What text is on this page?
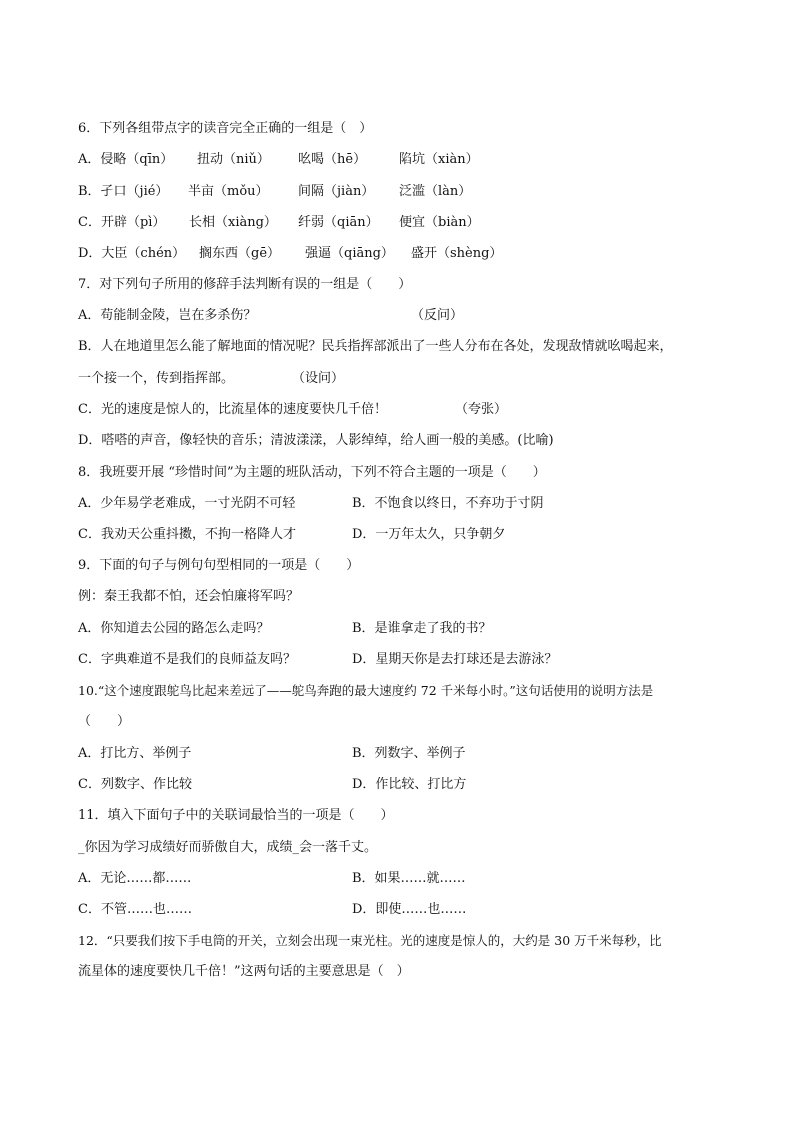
6．下列各组带点字的读音完全正确的一组是（　）
A．侵略（qīn） 扭动（niǔ） 吆喝（hē）	陷坑（xiàn）
B．孑口（jié） 半亩（mǒu） 间隔（jiàn） 泛滥（làn）
C．开辟（pì） 长相（xiàng） 纤弱（qiān） 便宜（biàn）
D．大臣（chén） 搁东西（gē） 强逼（qiāng） 盛开（shèng）
7．对下列句子所用的修辞手法判断有误的一组是（　　）
A．苟能制金陵，岂在多杀伤？	（反问）
B．人在地道里怎么能了解地面的情况呢？民兵指挥部派出了一些人分布在各处，发现敌情就吆喝起来，
一个接一个，传到指挥部。	（设问）
C．光的速度是惊人的，比流星体的速度要快几千倍！	（夸张）
D．嗒嗒的声音，像轻快的音乐；清波漾漾，人影绰绰，给人画一般的美感。(比喻)
8．我班要开展 “珍惜时间”为主题的班队活动，下列不符合主题的一项是（　　）
A．少年易学老难成，一寸光阴不可轻	B．不饱食以终日，不弃功于寸阴
C．我劝天公重抖擞，不拘一格降人才	D．一万年太久，只争朝夕
9．下面的句子与例句句型相同的一项是（　　）
例：秦王我都不怕，还会怕廉将军吗？
A．你知道去公园的路怎么走吗？	B．是谁拿走了我的书？
C．字典难道不是我们的良师益友吗？	D．星期天你是去打球还是去游泳？
10.“这个速度跟鸵鸟比起来差远了——鸵鸟奔跑的最大速度约 72 千米每小时。”这句话使用的说明方法是
（　　）
A．打比方、举例子	B．列数字、举例子
C．列数字、作比较	D．作比较、打比方
11．填入下面句子中的关联词最恰当的一项是（　　）
_你因为学习成绩好而骄傲自大，成绩_会一落千丈。
A．无论……都……	B．如果……就……
C．不管……也……	D．即使……也……
12．“只要我们按下手电筒的开关，立刻会出现一束光柱。光的速度是惊人的，大约是 30 万千米每秒，比
流星体的速度要快几千倍！”这两句话的主要意思是（　）
